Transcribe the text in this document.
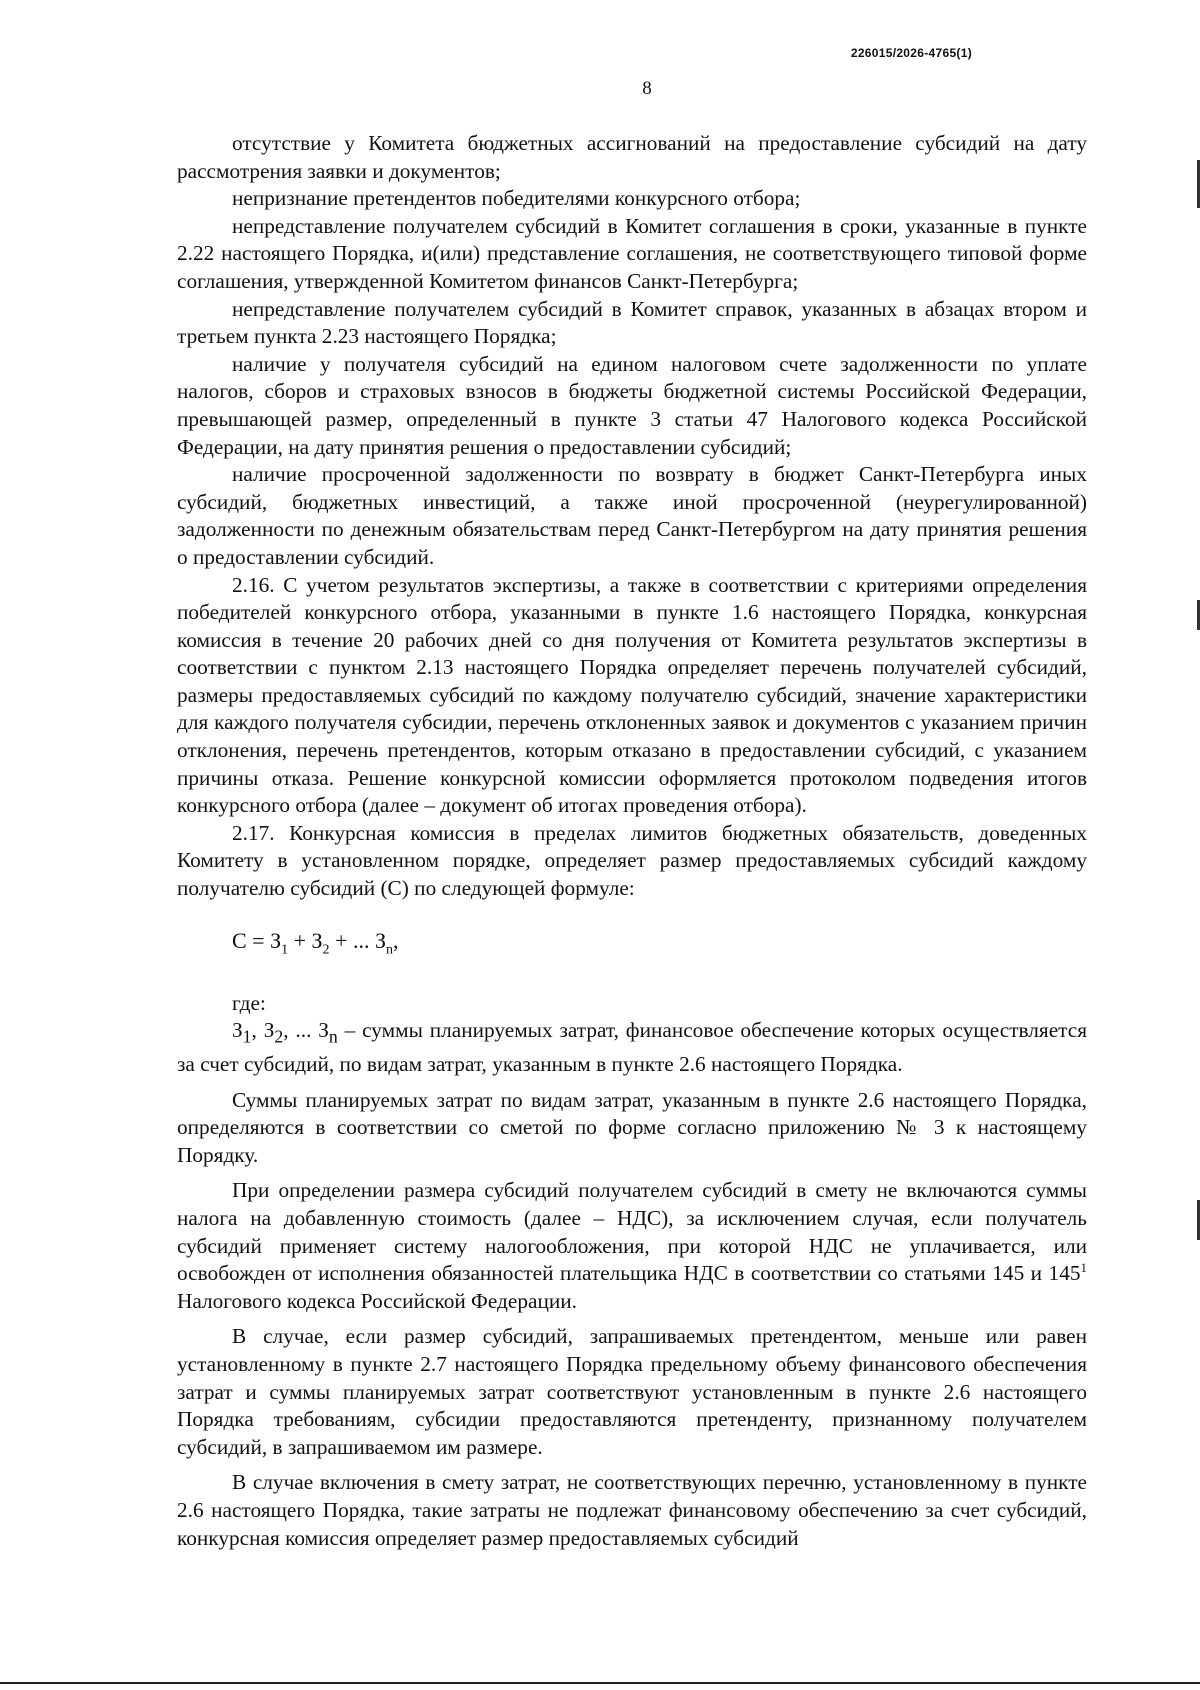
226015/2026-4765(1)
8

отсутствие у Комитета бюджетных ассигнований на предоставление субсидий на дату рассмотрения заявки и документов;

непризнание претендентов победителями конкурсного отбора;

непредставление получателем субсидий в Комитет соглашения в сроки, указанные в пункте 2.22 настоящего Порядка, и(или) представление соглашения, не соответствующего типовой форме соглашения, утвержденной Комитетом финансов Санкт-Петербурга;

непредставление получателем субсидий в Комитет справок, указанных в абзацах втором и третьем пункта 2.23 настоящего Порядка;

наличие у получателя субсидий на едином налоговом счете задолженности по уплате налогов, сборов и страховых взносов в бюджеты бюджетной системы Российской Федерации, превышающей размер, определенный в пункте 3 статьи 47 Налогового кодекса Российской Федерации, на дату принятия решения о предоставлении субсидий;

наличие просроченной задолженности по возврату в бюджет Санкт-Петербурга иных субсидий, бюджетных инвестиций, а также иной просроченной (неурегулированной) задолженности по денежным обязательствам перед Санкт-Петербургом на дату принятия решения о предоставлении субсидий.

2.16. С учетом результатов экспертизы, а также в соответствии с критериями определения победителей конкурсного отбора, указанными в пункте 1.6 настоящего Порядка, конкурсная комиссия в течение 20 рабочих дней со дня получения от Комитета результатов экспертизы в соответствии с пунктом 2.13 настоящего Порядка определяет перечень получателей субсидий, размеры предоставляемых субсидий по каждому получателю субсидий, значение характеристики для каждого получателя субсидии, перечень отклоненных заявок и документов с указанием причин отклонения, перечень претендентов, которым отказано в предоставлении субсидий, с указанием причины отказа. Решение конкурсной комиссии оформляется протоколом подведения итогов конкурсного отбора (далее – документ об итогах проведения отбора).

2.17. Конкурсная комиссия в пределах лимитов бюджетных обязательств, доведенных Комитету в установленном порядке, определяет размер предоставляемых субсидий каждому получателю субсидий (С) по следующей формуле:

$С = З_1 + З_2$ + ... $З_n$,

где:

$З_1$, $З_2$, ... $З_n$ – суммы планируемых затрат, финансовое обеспечение которых осуществляется за счет субсидий, по видам затрат, указанным в пункте 2.6 настоящего Порядка.

Суммы планируемых затрат по видам затрат, указанным в пункте 2.6 настоящего Порядка, определяются в соответствии со сметой по форме согласно приложению № 3 к настоящему Порядку.

При определении размера субсидий получателем субсидий в смету не включаются суммы налога на добавленную стоимость (далее – НДС), за исключением случая, если получатель субсидий применяет систему налогообложения, при которой НДС не уплачивается, или освобожден от исполнения обязанностей плательщика НДС в соответствии со статьями 145 и $145^1$ Налогового кодекса Российской Федерации.

В случае, если размер субсидий, запрашиваемых претендентом, меньше или равен установленному в пункте 2.7 настоящего Порядка предельному объему финансового обеспечения затрат и суммы планируемых затрат соответствуют установленным в пункте 2.6 настоящего Порядка требованиям, субсидии предоставляются претенденту, признанному получателем субсидий, в запрашиваемом им размере.

В случае включения в смету затрат, не соответствующих перечню, установленному в пункте 2.6 настоящего Порядка, такие затраты не подлежат финансовому обеспечению за счет субсидий, конкурсная комиссия определяет размер предоставляемых субсидий
